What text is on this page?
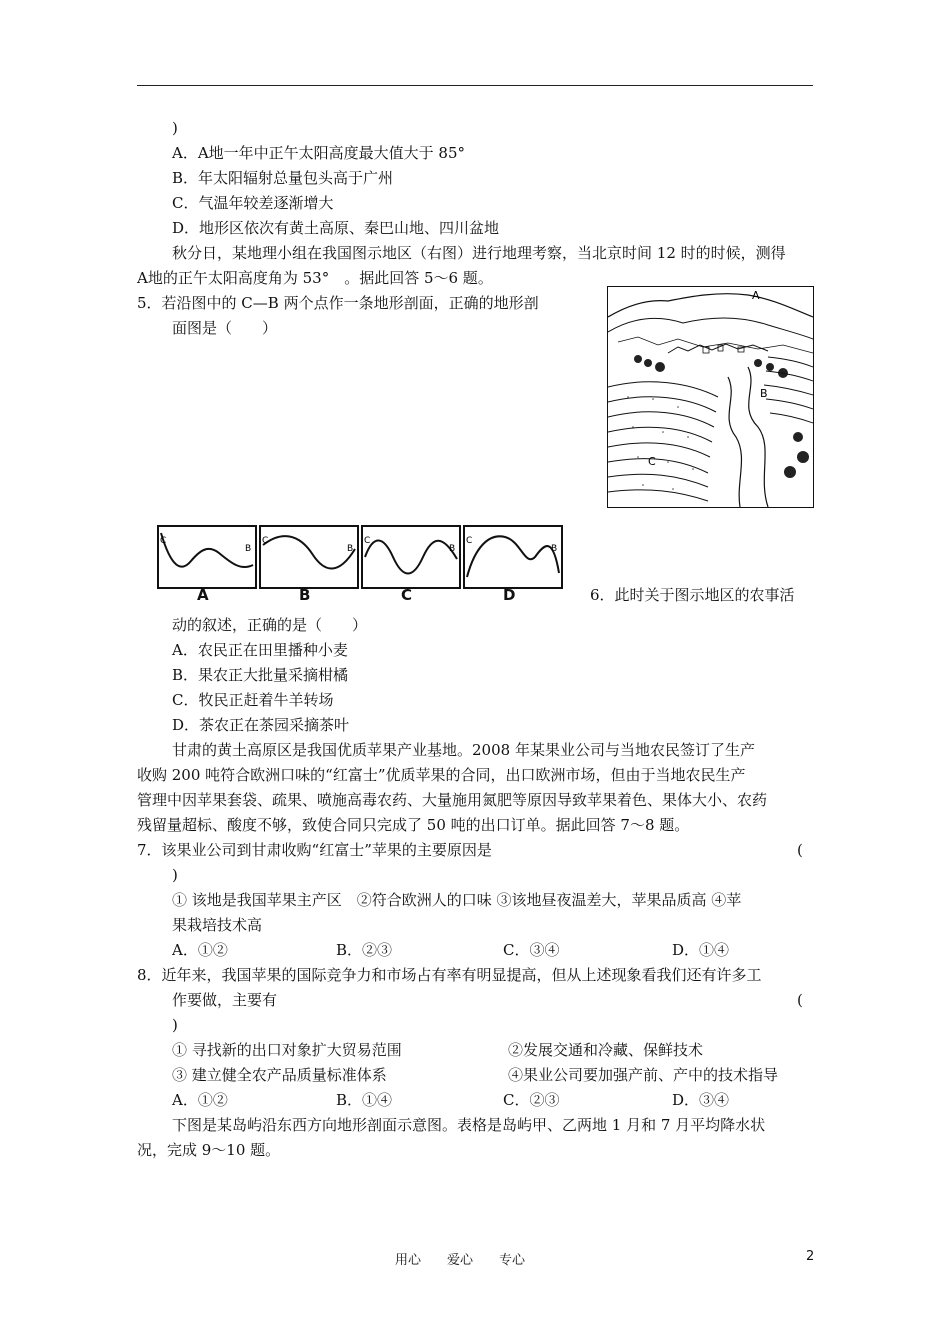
)
A．A地一年中正午太阳高度最大值大于 85°
B．年太阳辐射总量包头高于广州
C．气温年较差逐渐增大
D．地形区依次有黄土高原、秦巴山地、四川盆地
秋分日，某地理小组在我国图示地区（右图）进行地理考察，当北京时间 12 时的时候，测得
A地的正午太阳高度角为 53°　。据此回答 5～6 题。
5．若沿图中的 C—B 两个点作一条地形剖面，正确的地形剖
面图是（　　）
6．此时关于图示地区的农事活
动的叙述，正确的是（　　）
A．农民正在田里播种小麦
B．果农正大批量采摘柑橘
C．牧民正赶着牛羊转场
D．茶农正在茶园采摘茶叶
甘肃的黄土高原区是我国优质苹果产业基地。2008 年某果业公司与当地农民签订了生产
收购 200 吨符合欧洲口味的“红富士”优质苹果的合同，出口欧洲市场，但由于当地农民生产
管理中因苹果套袋、疏果、喷施高毒农药、大量施用氮肥等原因导致苹果着色、果体大小、农药
残留量超标、酸度不够，致使合同只完成了 50 吨的出口订单。据此回答 7～8 题。
7．该果业公司到甘肃收购“红富士”苹果的主要原因是	(
)
① 该地是我国苹果主产区　②符合欧洲人的口味 ③该地昼夜温差大，苹果品质高 ④苹
果栽培技术高
A．①②	B．②③	C．③④	D．①④
8．近年来，我国苹果的国际竞争力和市场占有率有明显提高，但从上述现象看我们还有许多工
作要做，主要有	(
)
① 寻找新的出口对象扩大贸易范围	②发展交通和冷藏、保鲜技术
③ 建立健全农产品质量标准体系	④果业公司要加强产前、产中的技术指导
A．①②	B．①④	C．②③	D．③④
下图是某岛屿沿东西方向地形剖面示意图。表格是岛屿甲、乙两地 1 月和 7 月平均降水状
况，完成 9～10 题。
A
B
C
C
B
A
C
B
B
C
B
C
C
B
D
用心　　爱心　　专心	2
